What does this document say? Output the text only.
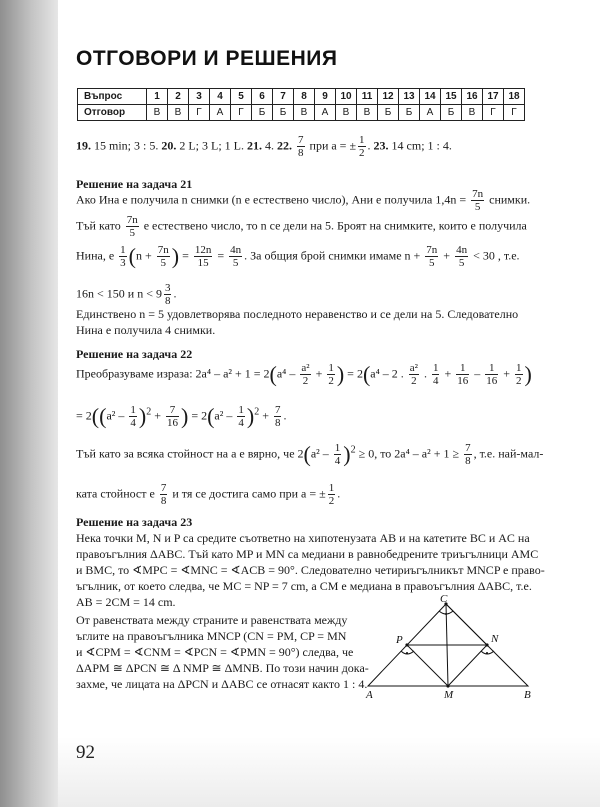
ОТГОВОРИ И РЕШЕНИЯ
Въпрос	1	2	3	4	5	6	7	8	9	10	11	12	13	14	15	16	17	18
Отговор	В	В	Г	А	Г	Б	Б	В	А	В	В	Б	Б	А	Б	В	Г	Г
19. 15 min; 3 : 5. 20. 2 L; 3 L; 1 L. 21. 4. 22. $\frac{7}{8}$ при a = ± $\frac{1}{2}$ . 23. 14 cm; 1 : 4.
Решение на задача 21
Ако Ина е получила n снимки (n е естествено число), Ани е получила $1,4n = \frac{7n}{5}$ снимки.
Тъй като $\frac{7n}{5}$ е естествено число, то n се дели на 5. Броят на снимките, които е получила
Нина, е $\frac{1}{3} (n + \frac{7n}{5}$ ) = $\frac{12n}{15} = \frac{4n}{5}$ . За общия брой снимки имаме $n + \frac{7n}{5} + \frac{4n}{5} < 30$ , т.е.
16n < 150 и $n < 9 \frac{3}{8}$ .
Единствено n = 5 удовлетворява последното неравенство и се дели на 5. Следователно
Нина е получила 4 снимки.
Решение на задача 22
Преобразуваме израза: $2a^4 - a^2 + 1 = 2(a^4 - \frac{\text{a²}}{2} + \frac{1}{2}$ ) = 2(a⁴ – 2 . $\frac{\text{a²}}{2}$ . $\frac{1}{4} + \frac{1}{16} - \frac{1}{16} + \frac{1}{2}$ )
= $2((a^2 - \frac{1}{4} )^2 + \frac{7}{16}$ ) = $2(a^2 - \frac{1}{4} )^2 + \frac{7}{8}$ .
Тъй като за всяка стойност на a е вярно, че $2(a^2 - \frac{1}{4} )^2 \ge 0$, то $2a^4 - a^2 + 1 \ge \frac{7}{8}$ , т.е. най-мал-
ката стойност е $\frac{7}{8}$ и тя се достига само при a = ± $\frac{1}{2}$ .
Решение на задача 23
Нека точки M, N и P са средите съответно на хипотенузата AB и на катетите BC и AC на
правоъгълния ΔABC. Тъй като MP и MN са медиани в равнобедрените триъгълници AMC
и BMC, то ∢MPC = ∢MNC = ∢ACB = 90°. Следователно четириъгълникът MNCP е право-
ъгълник, от което следва, че MC = NP = 7 cm, а CM е медиана в правоъгълния ΔABC, т.е.
AB = 2CM = 14 cm.
От равенствата между страните и равенствата между
ъглите на правоъгълника MNCP (CN = PM, CP = MN
и ∢CPM = ∢CNM = ∢PCN = ∢PMN = 90°) следва, че
ΔAPM ≅ ΔPCN ≅ Δ NMP ≅ ΔMNB. По този начин дока-
захме, че лицата на ΔPCN и ΔABC се отнасят както 1 : 4.
C
P	N
A	M	B
92
